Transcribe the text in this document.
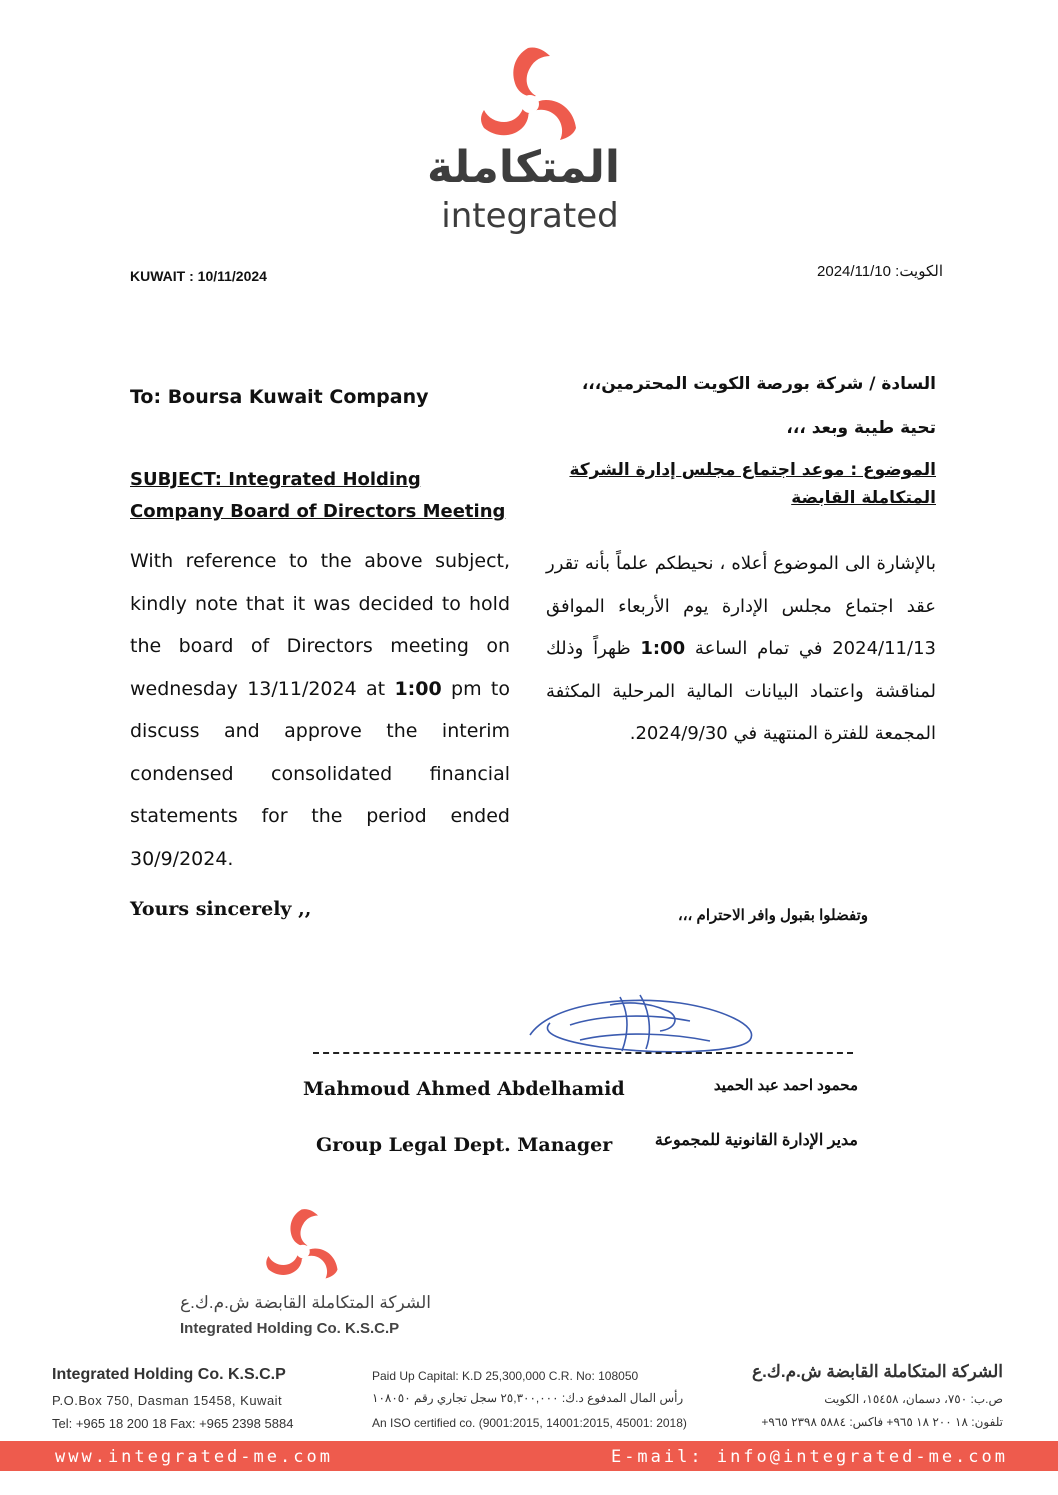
المتكاملة
integrated
KUWAIT : 10/11/2024	الكويت: 2024/11/10
To: Boursa Kuwait Company
SUBJECT: Integrated Holding Company Board of Directors Meeting
With reference to the above subject, kindly note that it was decided to hold the board of Directors meeting on wednesday 13/11/2024 at 1:00 pm to discuss and approve the interim condensed consolidated financial statements for the period ended 30/9/2024.
Yours sincerely ,,
السادة / شركة بورصة الكويت المحترمين،،،
تحية طيبة وبعد ،،،
الموضوع : موعد اجتماع مجلس إدارة الشركة المتكاملة القابضة
بالإشارة الى الموضوع أعلاه ، نحيطكم علماً بأنه تقرر عقد اجتماع مجلس الإدارة يوم الأربعاء الموافق 2024/11/13 في تمام الساعة 1:00 ظهراً وذلك لمناقشة واعتماد البيانات المالية المرحلية المكثفة المجمعة للفترة المنتهية في 2024/9/30.
وتفضلوا بقبول وافر الاحترام ،،،
Mahmoud Ahmed Abdelhamid	محمود احمد عبد الحميد
Group Legal Dept. Manager	مدير الإدارة القانونية للمجموعة
الشركة المتكاملة القابضة ش.م.ك.ع
Integrated Holding Co. K.S.C.P
Integrated Holding Co. K.S.C.P
P.O.Box 750, Dasman 15458, Kuwait
Tel: +965 18 200 18 Fax: +965 2398 5884
Paid Up Capital: K.D 25,300,000 C.R. No: 108050
رأس المال المدفوع د.ك: ٢٥,٣٠٠,٠٠٠ سجل تجاري رقم ١٠٨٠٥٠
An ISO certified co. (9001:2015, 14001:2015, 45001: 2018)
الشركة المتكاملة القابضة ش.م.ك.ع
ص.ب: ٧٥٠، دسمان، ١٥٤٥٨، الكويت
تلفون: ١٨ ٢٠٠ ١٨ ٩٦٥+ فاكس: ٥٨٨٤ ٢٣٩٨ ٩٦٥+
www.integrated-me.com	E-mail: info@integrated-me.com
